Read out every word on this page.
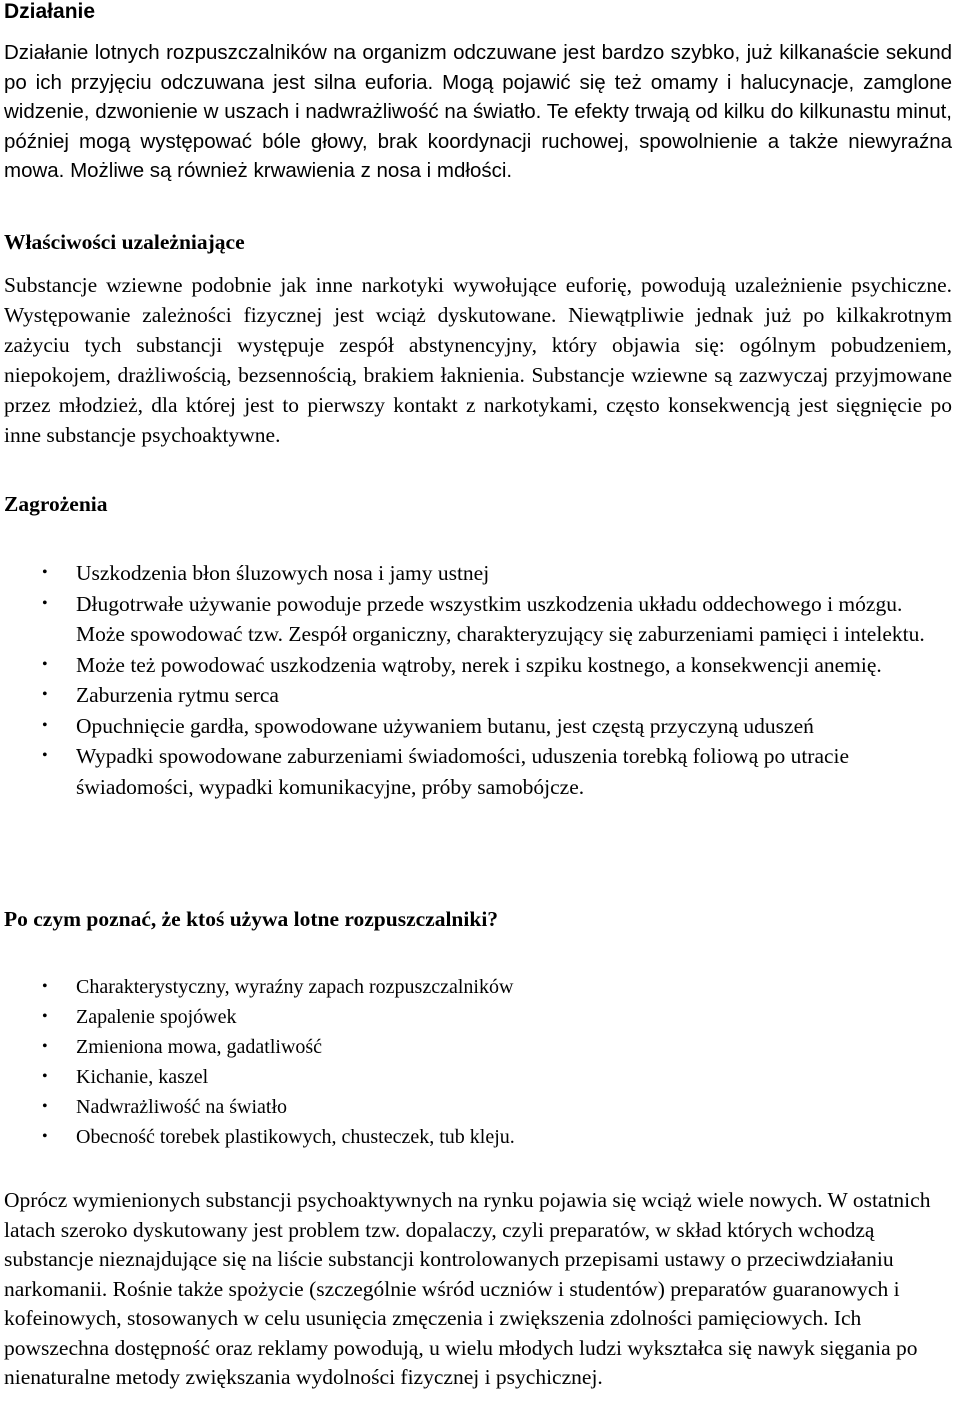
Działanie

Działanie lotnych rozpuszczalników na organizm odczuwane jest bardzo szybko, już kilkanaście sekund po ich przyjęciu odczuwana jest silna euforia. Mogą pojawić się też omamy i halucynacje, zamglone widzenie, dzwonienie w uszach i nadwrażliwość na światło. Te efekty trwają od kilku do kilkunastu minut, później mogą występować bóle głowy, brak koordynacji ruchowej, spowolnienie a także niewyraźna mowa. Możliwe są również krwawienia z nosa i mdłości.

Właściwości uzależniające

Substancje wziewne podobnie jak inne narkotyki wywołujące euforię, powodują uzależnienie psychiczne. Występowanie zależności fizycznej jest wciąż dyskutowane. Niewątpliwie jednak już po kilkakrotnym zażyciu tych substancji występuje zespół abstynencyjny, który objawia się: ogólnym pobudzeniem, niepokojem, drażliwością, bezsennością, brakiem łaknienia. Substancje wziewne są zazwyczaj przyjmowane przez młodzież, dla której jest to pierwszy kontakt z narkotykami, często konsekwencją jest sięgnięcie po inne substancje psychoaktywne.

Zagrożenia
• Uszkodzenia błon śluzowych nosa i jamy ustnej
• Długotrwałe używanie powoduje przede wszystkim uszkodzenia układu oddechowego i mózgu. Może spowodować tzw. Zespół organiczny, charakteryzujący się zaburzeniami pamięci i intelektu.
• Może też powodować uszkodzenia wątroby, nerek i szpiku kostnego, a konsekwencji anemię.
• Zaburzenia rytmu serca
• Opuchnięcie gardła, spowodowane używaniem butanu, jest częstą przyczyną uduszeń
• Wypadki spowodowane zaburzeniami świadomości, uduszenia torebką foliową po utracie świadomości, wypadki komunikacyjne, próby samobójcze.
Po czym poznać, że ktoś używa lotne rozpuszczalniki?
• Charakterystyczny, wyraźny zapach rozpuszczalników
• Zapalenie spojówek
• Zmieniona mowa, gadatliwość
• Kichanie, kaszel
• Nadwrażliwość na światło
• Obecność torebek plastikowych, chusteczek, tub kleju.

Oprócz wymienionych substancji psychoaktywnych na rynku pojawia się wciąż wiele nowych. W ostatnich latach szeroko dyskutowany jest problem tzw. dopalaczy, czyli preparatów, w skład których wchodzą substancje nieznajdujące się na liście substancji kontrolowanych przepisami ustawy o przeciwdziałaniu narkomanii. Rośnie także spożycie (szczególnie wśród uczniów i studentów) preparatów guaranowych i kofeinowych, stosowanych w celu usunięcia zmęczenia i zwiększenia zdolności pamięciowych. Ich powszechna dostępność oraz reklamy powodują, u wielu młodych ludzi wykształca się nawyk sięgania po nienaturalne metody zwiększania wydolności fizycznej i psychicznej.
